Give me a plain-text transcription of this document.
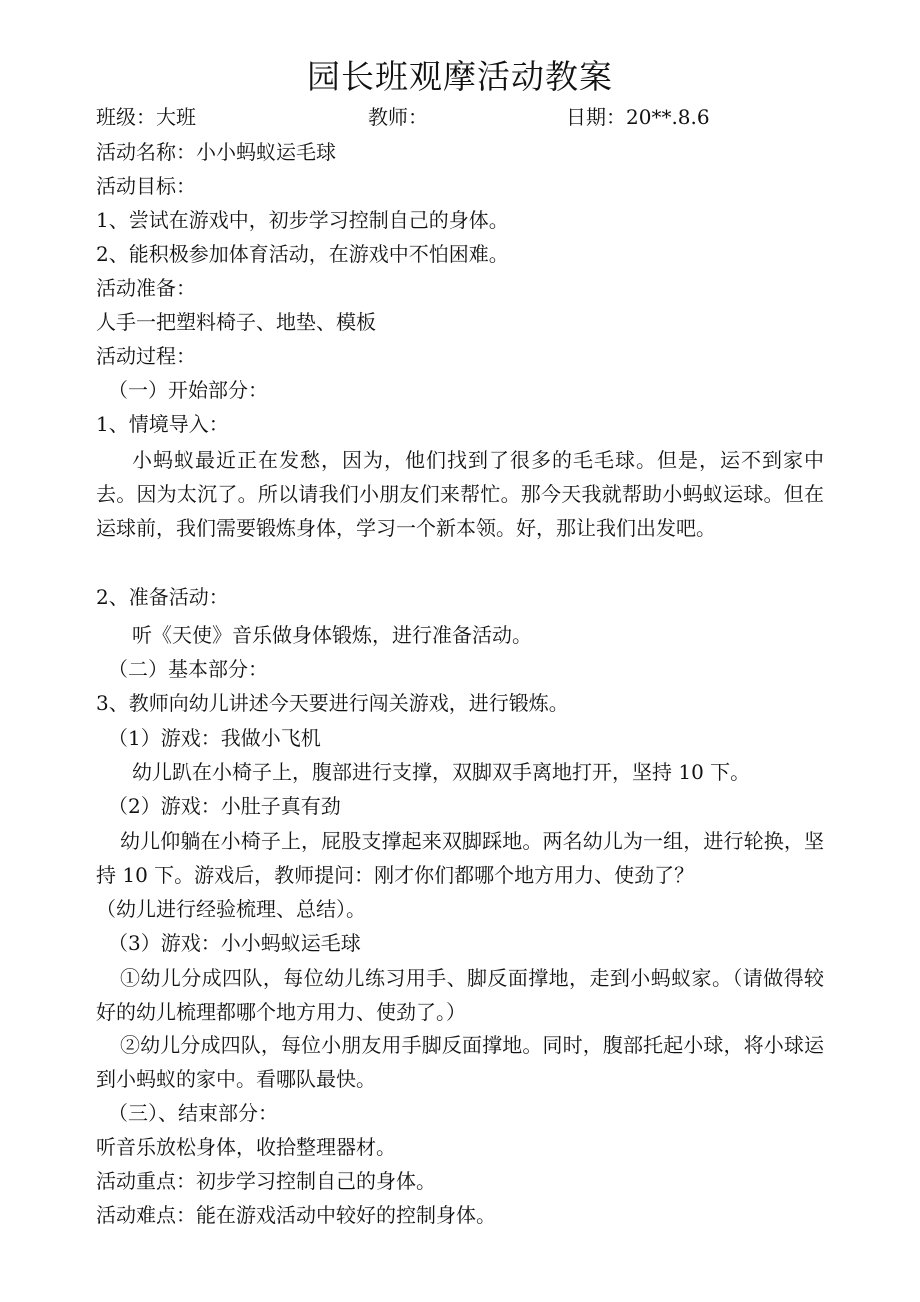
园长班观摩活动教案
班级：大班	教师：	日期：20**.8.6
活动名称：小小蚂蚁运毛球
活动目标：
1、尝试在游戏中，初步学习控制自己的身体。
2、能积极参加体育活动，在游戏中不怕困难。
活动准备：
人手一把塑料椅子、地垫、模板
活动过程：
（一）开始部分：
1、情境导入：
小蚂蚁最近正在发愁，因为，他们找到了很多的毛毛球。但是，运不到家中去。因为太沉了。所以请我们小朋友们来帮忙。那今天我就帮助小蚂蚁运球。但在运球前，我们需要锻炼身体，学习一个新本领。好，那让我们出发吧。
2、准备活动：
听《天使》音乐做身体锻炼，进行准备活动。
（二）基本部分：
3、教师向幼儿讲述今天要进行闯关游戏，进行锻炼。
（1）游戏：我做小飞机
幼儿趴在小椅子上，腹部进行支撑，双脚双手离地打开，坚持 10 下。
（2）游戏：小肚子真有劲
幼儿仰躺在小椅子上，屁股支撑起来双脚踩地。两名幼儿为一组，进行轮换，坚持 10 下。游戏后，教师提问：刚才你们都哪个地方用力、使劲了？
（幼儿进行经验梳理、总结）。
（3）游戏：小小蚂蚁运毛球
①幼儿分成四队，每位幼儿练习用手、脚反面撑地，走到小蚂蚁家。（请做得较好的幼儿梳理都哪个地方用力、使劲了。）
②幼儿分成四队，每位小朋友用手脚反面撑地。同时，腹部托起小球，将小球运到小蚂蚁的家中。看哪队最快。
（三）、结束部分：
听音乐放松身体，收拾整理器材。
活动重点：初步学习控制自己的身体。
活动难点：能在游戏活动中较好的控制身体。
